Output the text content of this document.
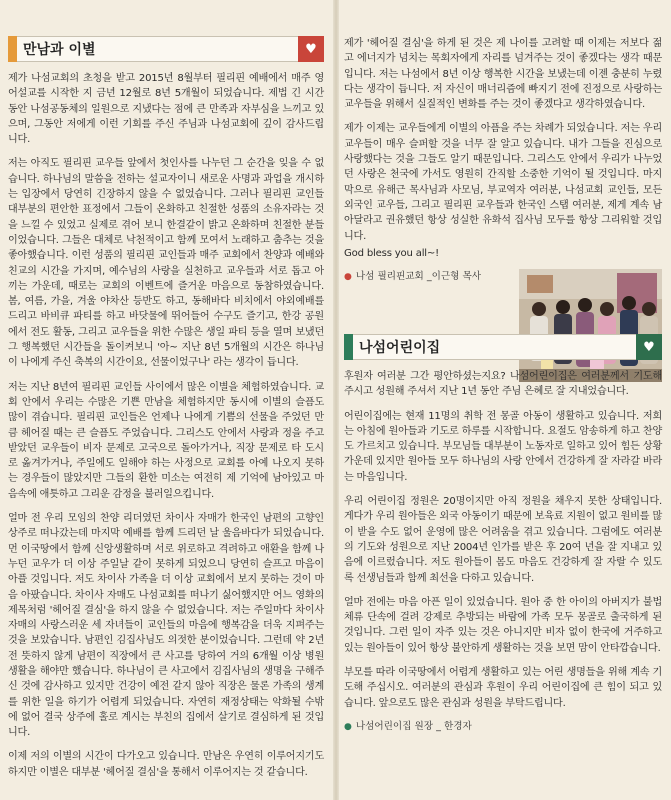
만남과 이별	♥

제가 나섬교회의 초청을 받고 2015년 8월부터 필리핀 예배에서 매주 영어설교를 시작한 지 금년 12월로 8년 5개월이 되었습니다. 제법 긴 시간 동안 나섬공동체의 일원으로 지냈다는 점에 큰 만족과 자부심을 느끼고 있으며, 그동안 저에게 이런 기회를 주신 주님과 나섬교회에 깊이 감사드립니다.

저는 아직도 필리핀 교우들 앞에서 첫인사를 나누던 그 순간을 잊을 수 없습니다. 하나님의 말씀을 전하는 설교자이니 새로운 사명과 과업을 개시하는 입장에서 당연히 긴장하지 않을 수 없었습니다. 그러나 필리핀 교인들 대부분의 편안한 표정에서 그들이 온화하고 친절한 성품의 소유자라는 것을 느낄 수 있었고 실제로 겪어 보니 한결같이 밝고 온화하며 친절한 분들이었습니다. 그들은 대체로 낙천적이고 함께 모여서 노래하고 춤추는 것을 좋아했습니다. 이런 성품의 필리핀 교인들과 매주 교회에서 찬양과 예배와 친교의 시간을 가지며, 예수님의 사랑을 실천하고 교우들과 서로 돕고 아끼는 가운데, 때로는 교회의 이벤트에 즐거운 마음으로 동참하였습니다. 봄, 여름, 가을, 겨울 야차산 등반도 하고, 동해바다 비치에서 야외예배를 드리고 바비큐 파티를 하고 바닷물에 뛰어들어 수구도 즐기고, 한강 공원에서 전도 활동, 그리고 교우들을 위한 수많은 생일 파티 등을 열며 보냈던 그 행복했던 시간들을 돌이켜보니 '아~ 지난 8년 5개월의 시간은 하나님이 나에게 주신 축복의 시간이요, 선물이었구나' 라는 생각이 듭니다.

저는 지난 8년여 필리핀 교인들 사이에서 많은 이별을 체험하였습니다. 교회 안에서 우리는 수많은 기쁜 만남을 체험하지만 동시에 이별의 슬픔도 많이 겪습니다. 필리핀 교인들은 언제나 나에게 기쁨의 선물을 주었던 만큼 헤어질 때는 큰 슬픔도 주었습니다. 그리스도 안에서 사랑과 정을 주고 받았던 교우들이 비자 문제로 고국으로 돌아가거나, 직장 문제로 타 도시로 옮겨가거나, 주일에도 일해야 하는 사정으로 교회를 아예 나오지 못하는 경우들이 많았지만 그들의 환한 미소는 여전히 제 기억에 남아있고 마음속에 애틋하고 그리운 감정을 불러일으킵니다.

얼마 전 우리 모임의 찬양 리더였던 차이사 자매가 한국인 남편의 고향인 상주로 떠나갔는데 마지막 예배를 함께 드리던 날 울음바다가 되었습니다. 먼 이국땅에서 함께 신앙생활하며 서로 위로하고 격려하고 애환을 함께 나누던 교우가 더 이상 주일날 같이 못하게 되었으니 당연히 슬프고 마음이 아플 것입니다. 저도 차이사 가족을 더 이상 교회에서 보지 못하는 것이 마음 아팠습니다. 차이사 자매도 나섬교회를 떠나기 싫어했지만 어느 영화의 제목처럼 '헤어질 결심'을 하지 않을 수 없었습니다. 저는 주일마다 차이사 자매의 사랑스러운 세 자녀들이 교인들의 마음에 행복감을 더욱 지펴주는 것을 보았습니다. 남편인 김집사님도 의젓한 분이었습니다. 그런데 약 2년 전 뜻하지 않게 남편이 직장에서 큰 사고를 당하여 거의 6개월 이상 병원생활을 해야만 했습니다. 하나님이 큰 사고에서 김집사님의 생명을 구해주신 것에 감사하고 있지만 건강이 예전 같지 않아 직장은 물론 가족의 생계를 위한 일을 하기가 어렵게 되었습니다. 자연히 재정상태는 악화될 수밖에 없어 결국 상주에 홀로 계시는 부친의 집에서 살기로 결심하게 된 것입니다.

이제 저의 이별의 시간이 다가오고 있습니다. 만남은 우연히 이루어지기도 하지만 이별은 대부분 '헤어질 결심'을 통해서 이루어지는 것 같습니다.

제가 '헤어질 결심'을 하게 된 것은 제 나이를 고려할 때 이제는 저보다 젊고 에너지가 넘치는 목회자에게 자리를 넘겨주는 것이 좋겠다는 생각 때문입니다. 저는 나섬에서 8년 이상 행복한 시간을 보냈는데 이젠 충분히 누렸다는 생각이 듭니다. 저 자신이 매너리즘에 빠지기 전에 진정으로 사랑하는 교우들을 위해서 실질적인 변화를 주는 것이 좋겠다고 생각하였습니다.

제가 이제는 교우들에게 이별의 아픔을 주는 차례가 되었습니다. 저는 우리 교우들이 매우 슬퍼할 것을 너무 잘 알고 있습니다. 내가 그들을 진심으로 사랑했다는 것을 그들도 알기 때문입니다. 그리스도 안에서 우리가 나누었던 사랑은 천국에 가서도 영원히 간직할 소중한 기억이 될 것입니다. 마지막으로 유해근 목사님과 사모님, 부교역자 여러분, 나섬교회 교인들, 모든 외국인 교우들, 그리고 필리핀 교우들과 한국인 스탭 여러분, 제게 계속 남아달라고 권유했던 항상 성실한 유화석 집사님 모두를 항상 그리워할 것입니다.

God bless you all~!

● 나섬 필리핀교회 _이근형 목사
나섬어린이집	♥

후원자 여러분 그간 평안하셨는지요? 나섬어린이집은 여러분께서 기도해 주시고 성원해 주셔서 지난 1년 동안 주님 은혜로 잘 지내었습니다.

어린이집에는 현재 11명의 취학 전 몽골 아동이 생활하고 있습니다. 저희는 아침에 원아들과 기도로 하루를 시작합니다. 요절도 암송하게 하고 찬양도 가르치고 있습니다. 부모님들 대부분이 노동자로 일하고 있어 힘든 상황 가운데 있지만 원아들 모두 하나님의 사랑 안에서 건강하게 잘 자라갈 바라는 마음입니다.

우리 어린이집 정원은 20명이지만 아직 정원을 채우지 못한 상태입니다. 게다가 우리 원아들은 외국 아동이기 때문에 보육료 지원이 없고 원비를 많이 받을 수도 없어 운영에 많은 어려움을 겪고 있습니다. 그럼에도 여러분의 기도와 성원으로 지난 2004년 인가를 받은 후 20여 년을 잘 지내고 있음에 이르렀습니다. 저도 원아들이 몸도 마음도 건강하게 잘 자랄 수 있도록 선생님들과 함께 최선을 다하고 있습니다.

얼마 전에는 마음 아픈 일이 있었습니다. 원아 중 한 아이의 아버지가 불법체류 단속에 걸려 강제로 추방되는 바람에 가족 모두 몽골로 출국하게 된 것입니다. 그런 일이 자주 있는 것은 아니지만 비자 없이 한국에 거주하고 있는 원아들이 있어 항상 불안하게 생활하는 것을 보면 맘이 안타깝습니다.

부모를 따라 이국땅에서 어렵게 생활하고 있는 어린 생명들을 위해 계속 기도해 주십시오. 여러분의 관심과 후원이 우리 어린이집에 큰 힘이 되고 있습니다. 앞으로도 많은 관심과 성원을 부탁드립니다.

● 나섬어린이집 원장 _ 한경자
